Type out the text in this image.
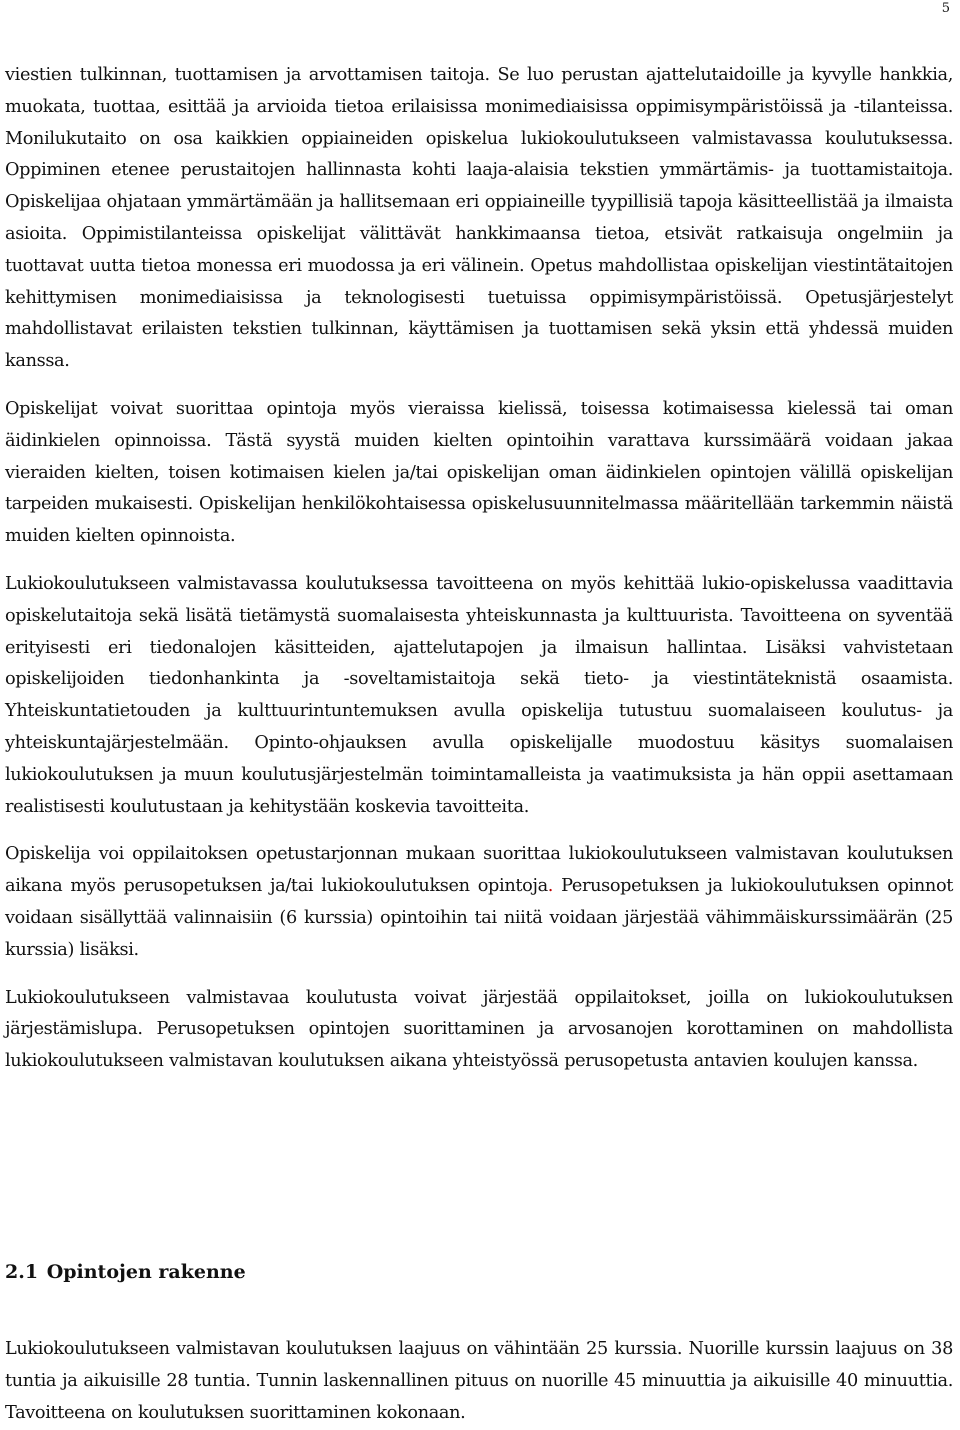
5

viestien tulkinnan, tuottamisen ja arvottamisen taitoja. Se luo perustan ajattelutaidoille ja kyvylle hankkia, muokata, tuottaa, esittää ja arvioida tietoa erilaisissa monimediaisissa oppimisympäristöissä ja -tilanteissa. Monilukutaito on osa kaikkien oppiaineiden opiskelua lukiokoulutukseen valmistavassa koulutuksessa. Oppiminen etenee perustaitojen hallinnasta kohti laaja-alaisia tekstien ymmärtämis- ja tuottamistaitoja. Opiskelijaa ohjataan ymmärtämään ja hallitsemaan eri oppiaineille tyypillisiä tapoja käsitteellistää ja ilmaista asioita. Oppimistilanteissa opiskelijat välittävät hankkimaansa tietoa, etsivät ratkaisuja ongelmiin ja tuottavat uutta tietoa monessa eri muodossa ja eri välinein. Opetus mahdollistaa opiskelijan viestintätaitojen kehittymisen monimediaisissa ja teknologisesti tuetuissa oppimisympäristöissä. Opetusjärjestelyt mahdollistavat erilaisten tekstien tulkinnan, käyttämisen ja tuottamisen sekä yksin että yhdessä muiden kanssa.

Opiskelijat voivat suorittaa opintoja myös vieraissa kielissä, toisessa kotimaisessa kielessä tai oman äidinkielen opinnoissa. Tästä syystä muiden kielten opintoihin varattava kurssimäärä voidaan jakaa vieraiden kielten, toisen kotimaisen kielen ja/tai opiskelijan oman äidinkielen opintojen välillä opiskelijan tarpeiden mukaisesti. Opiskelijan henkilökohtaisessa opiskelusuunnitelmassa määritellään tarkemmin näistä muiden kielten opinnoista.

Lukiokoulutukseen valmistavassa koulutuksessa tavoitteena on myös kehittää lukio-opiskelussa vaadittavia opiskelutaitoja sekä lisätä tietämystä suomalaisesta yhteiskunnasta ja kulttuurista. Tavoitteena on syventää erityisesti eri tiedonalojen käsitteiden, ajattelutapojen ja ilmaisun hallintaa. Lisäksi vahvistetaan opiskelijoiden tiedonhankinta ja -soveltamistaitoja sekä tieto- ja viestintäteknistä osaamista. Yhteiskuntatietouden ja kulttuurintuntemuksen avulla opiskelija tutustuu suomalaiseen koulutus- ja yhteiskuntajärjestelmään. Opinto-ohjauksen avulla opiskelijalle muodostuu käsitys suomalaisen lukiokoulutuksen ja muun koulutusjärjestelmän toimintamalleista ja vaatimuksista ja hän oppii asettamaan realistisesti koulutustaan ja kehitystään koskevia tavoitteita.

Opiskelija voi oppilaitoksen opetustarjonnan mukaan suorittaa lukiokoulutukseen valmistavan koulutuksen aikana myös perusopetuksen ja/tai lukiokoulutuksen opintoja. Perusopetuksen ja lukiokoulutuksen opinnot voidaan sisällyttää valinnaisiin (6 kurssia) opintoihin tai niitä voidaan järjestää vähimmäiskurssimäärän (25 kurssia) lisäksi.

Lukiokoulutukseen valmistavaa koulutusta voivat järjestää oppilaitokset, joilla on lukiokoulutuksen järjestämislupa. Perusopetuksen opintojen suorittaminen ja arvosanojen korottaminen on mahdollista lukiokoulutukseen valmistavan koulutuksen aikana yhteistyössä perusopetusta antavien koulujen kanssa.

2.1 Opintojen rakenne

Lukiokoulutukseen valmistavan koulutuksen laajuus on vähintään 25 kurssia. Nuorille kurssin laajuus on 38 tuntia ja aikuisille 28 tuntia. Tunnin laskennallinen pituus on nuorille 45 minuuttia ja aikuisille 40 minuuttia. Tavoitteena on koulutuksen suorittaminen kokonaan.
